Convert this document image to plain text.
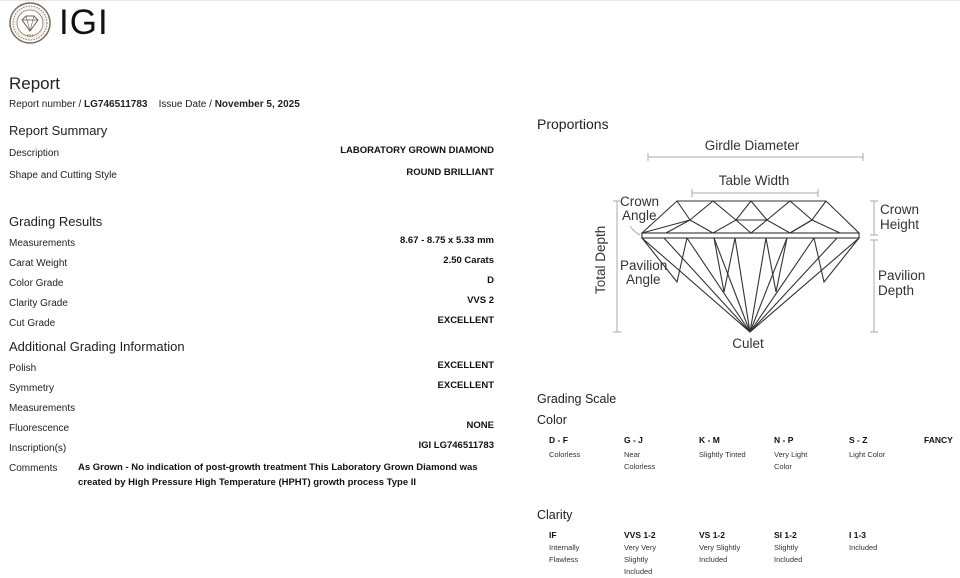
IGI IGI
Report
Report number / LG746511783 Issue Date / November 5, 2025
Report Summary
Description	LABORATORY GROWN DIAMOND
Shape and Cutting Style	ROUND BRILLIANT
Grading Results
Measurements	8.67 - 8.75 x 5.33 mm
Carat Weight	2.50 Carats
Color Grade	D
Clarity Grade	VVS 2
Cut Grade	EXCELLENT
Additional Grading Information
Polish	EXCELLENT
Symmetry	EXCELLENT
Measurements
Fluorescence	NONE
Inscription(s)	IGI LG746511783
Comments As Grown - No indication of post-growth treatment This Laboratory Grown Diamond was created by High Pressure High Temperature (HPHT) growth process Type II
Proportions
Girdle Diameter
Table Width
Crown
Angle	Crown
Height
Total Depth Pavilion
Angle	Pavilion
Depth
Culet
Grading Scale
Color
D - F
Colorless
G - J
Near Colorless
K - M
Slightly Tinted
N - P
Very Light Color
S - Z
Light Color
FANCY
Clarity
IF
Internally Flawless
VVS 1-2
Very Very Slightly Included
VS 1-2
Very Slightly Included
SI 1-2
Slightly Included
I 1-3
Included
